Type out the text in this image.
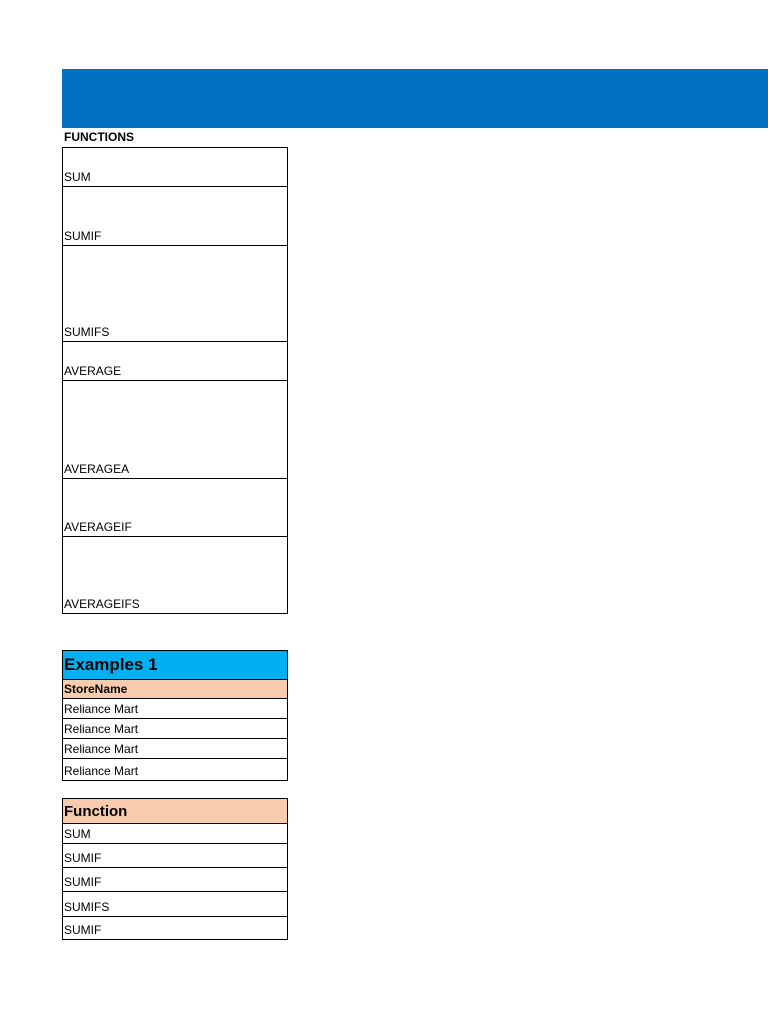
FUNCTIONS
SUM
SUMIF
SUMIFS
AVERAGE
AVERAGEA
AVERAGEIF
AVERAGEIFS
Examples 1
StoreName
Reliance Mart
Reliance Mart
Reliance Mart
Reliance Mart
Function
SUM
SUMIF
SUMIF
SUMIFS
SUMIF
